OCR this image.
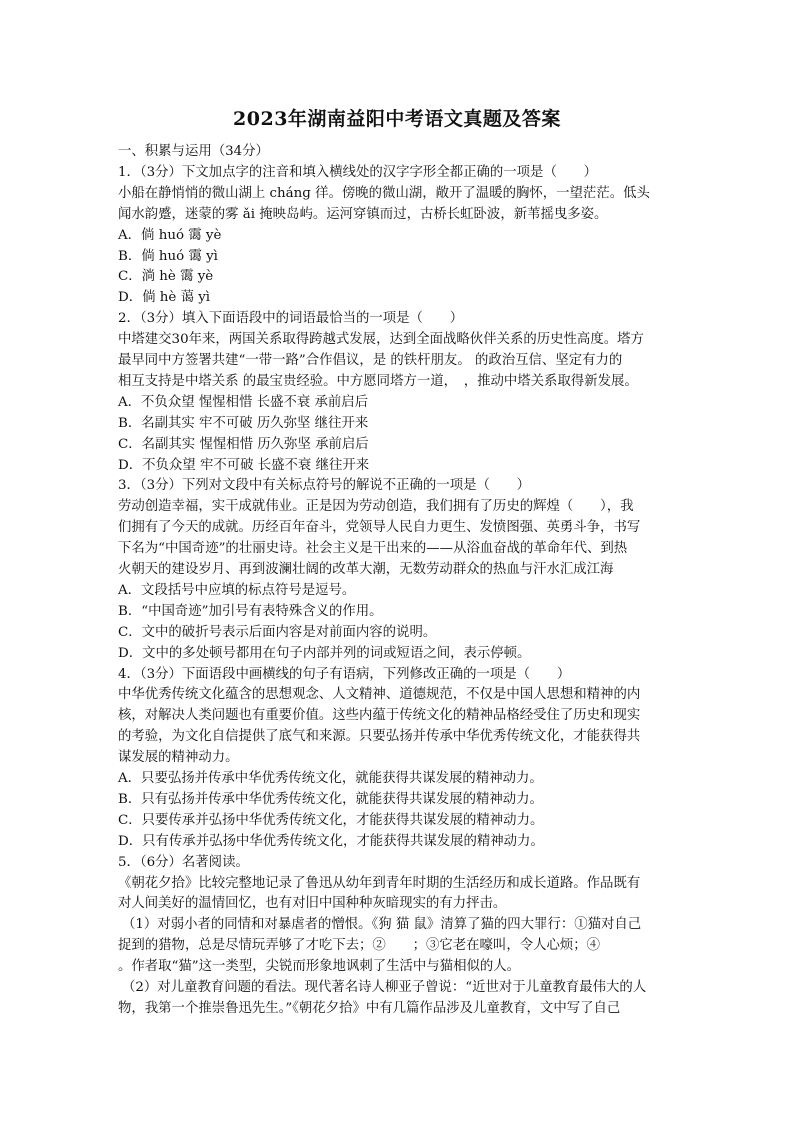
2023年湖南益阳中考语文真题及答案
一、积累与运用（34分）
1．（3分）下文加点字的注音和填入横线处的汉字字形全都正确的一项是（　　）
小船在静悄悄的微山湖上 chánɡ 徉。傍晚的微山湖，敞开了温暖的胸怀，一望茫茫。低头
闻水韵蹙，迷蒙的雾 ǎi 掩映岛屿。运河穿镇而过，古桥长虹卧波，新苇摇曳多姿。
A．倘 huó 霭 yè
B．倘 huó 霭 yì
C．淌 hè 霭 yè
D．倘 hè 蔼 yì
2．（3分）填入下面语段中的词语最恰当的一项是（　　）
中塔建交30年来，两国关系取得跨越式发展，达到全面战略伙伴关系的历史性高度。塔方
最早同中方签署共建“一带一路”合作倡议，是 的铁杆朋友。 的政治互信、坚定有力的
相互支持是中塔关系 的最宝贵经验。中方愿同塔方一道，　，推动中塔关系取得新发展。
A．不负众望 惺惺相惜 长盛不衰 承前启后
B．名副其实 牢不可破 历久弥坚 继往开来
C．名副其实 惺惺相惜 历久弥坚 承前启后
D．不负众望 牢不可破 长盛不衰 继往开来
3．（3分）下列对文段中有关标点符号的解说不正确的一项是（　　）
劳动创造幸福，实干成就伟业。正是因为劳动创造，我们拥有了历史的辉煌（　　），我
们拥有了今天的成就。历经百年奋斗，党领导人民自力更生、发愤图强、英勇斗争，书写
下名为“中国奇迹”的壮丽史诗。社会主义是干出来的——从浴血奋战的革命年代、到热
火朝天的建设岁月、再到波澜壮阔的改革大潮，无数劳动群众的热血与汗水汇成江海
A．文段括号中应填的标点符号是逗号。
B．“中国奇迹”加引号有表特殊含义的作用。
C．文中的破折号表示后面内容是对前面内容的说明。
D．文中的多处顿号都用在句子内部并列的词或短语之间，表示停顿。
4．（3分）下面语段中画横线的句子有语病，下列修改正确的一项是（　　）
中华优秀传统文化蕴含的思想观念、人文精神、道德规范，不仅是中国人思想和精神的内
核，对解决人类问题也有重要价值。这些内蕴于传统文化的精神品格经受住了历史和现实
的考验，为文化自信提供了底气和来源。只要弘扬并传承中华优秀传统文化，才能获得共
谋发展的精神动力。
A．只要弘扬并传承中华优秀传统文化，就能获得共谋发展的精神动力。
B．只有弘扬并传承中华优秀传统文化，就能获得共谋发展的精神动力。
C．只要传承并弘扬中华优秀传统文化，才能获得共谋发展的精神动力。
D．只有传承并弘扬中华优秀传统文化，才能获得共谋发展的精神动力。
5．（6分）名著阅读。
《朝花夕拾》比较完整地记录了鲁迅从幼年到青年时期的生活经历和成长道路。作品既有
对人间美好的温情回忆，也有对旧中国种种灰暗现实的有力抨击。
（1）对弱小者的同情和对暴虐者的憎恨。《狗 猫 鼠》清算了猫的四大罪行：①猫对自己
捉到的猎物，总是尽情玩弄够了才吃下去；②　　；③它老在嚎叫，令人心烦；④
。作者取“猫”这一类型，尖锐而形象地讽刺了生活中与猫相似的人。
（2）对儿童教育问题的看法。现代著名诗人柳亚子曾说：“近世对于儿童教育最伟大的人
物，我第一个推崇鲁迅先生。”《朝花夕拾》中有几篇作品涉及儿童教育，文中写了自己
